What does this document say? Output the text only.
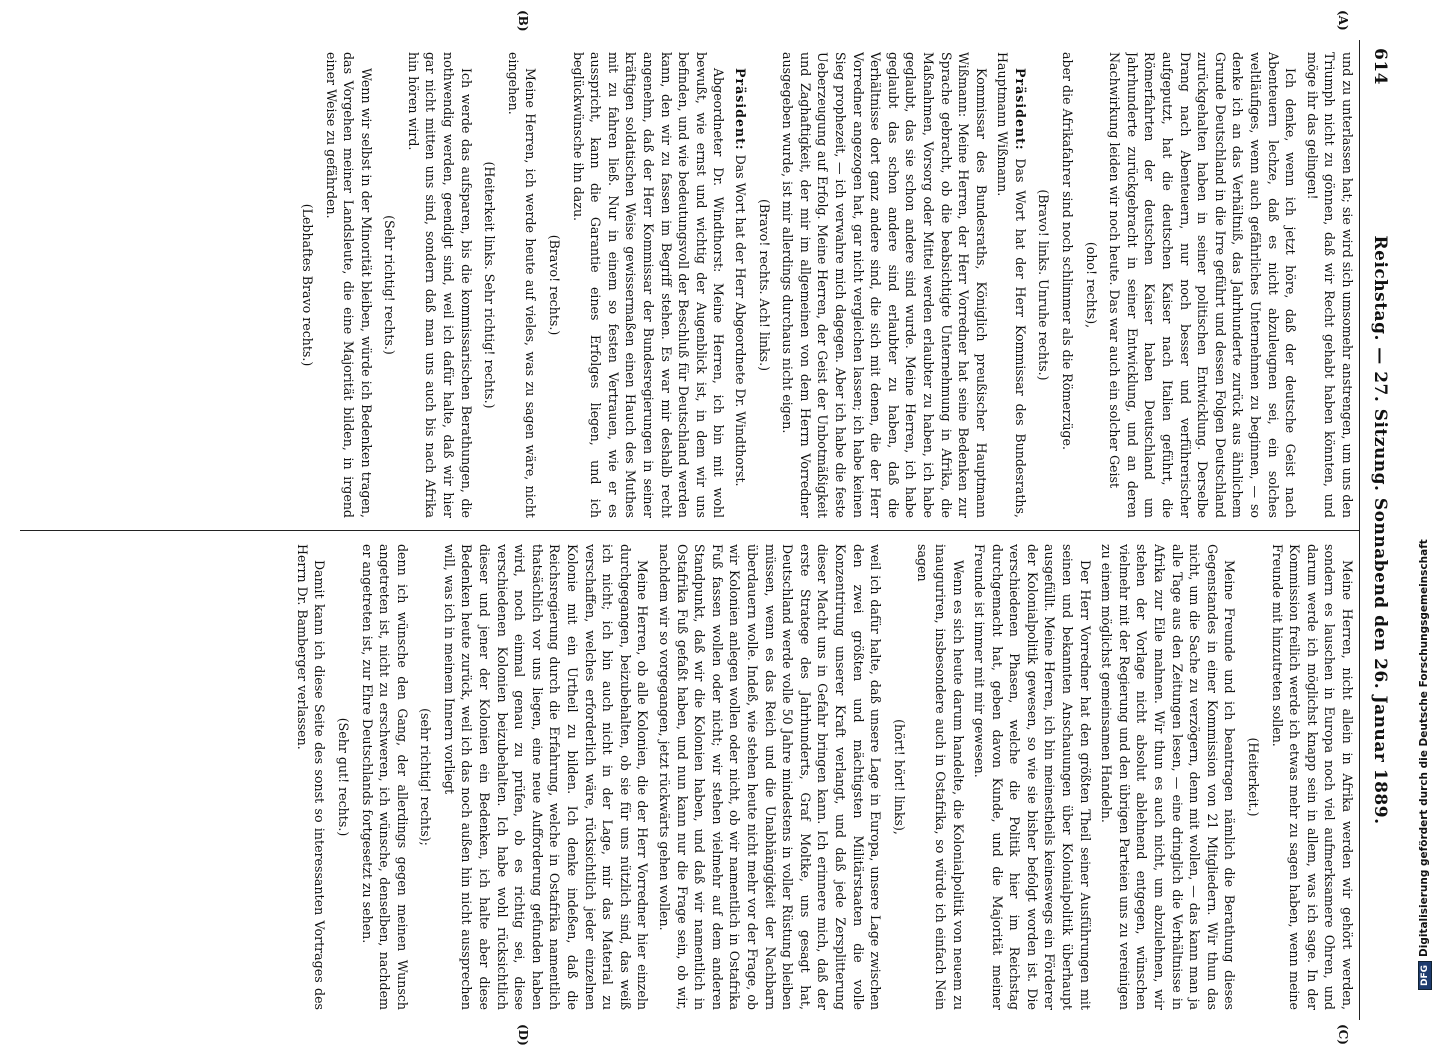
614
Reichstag. — 27. Sitzung. Sonnabend den 26. Januar 1889.
(A)
(B)
(C)
(D)

und zu unterlassen hat; sie wird sich umsomehr anstrengen, um uns den Triumph nicht zu gönnen, daß wir Recht gehabt haben könnten, und möge ihr das gelingen!

Ich denke, wenn ich jetzt höre, daß der deutsche Geist nach Abenteuern lechze, daß es nicht abzuleugnen sei, ein solches weltläufiges, wenn auch gefährliches Unternehmen zu beginnen, — so denke ich an das Verhältniß, das Jahrhunderte zurück aus ähnlichem Grunde Deutschland in die Irre geführt und dessen Folgen Deutschland zurückgehalten haben in seiner politischen Entwicklung. Derselbe Drang nach Abenteuern, nur noch besser und verführerischer aufgeputzt, hat die deutschen Kaiser nach Italien geführt, die Römerfahrten der deutschen Kaiser haben Deutschland um Jahrhunderte zurückgebracht in seiner Entwicklung, und an deren Nachwirkung leiden wir noch heute. Das war auch ein solcher Geist

(oho! rechts),

aber die Afrikafahrer sind noch schlimmer als die Römerzüge.

(Bravo! links. Unruhe rechts.)

Präsident: Das Wort hat der Herr Kommissar des Bundesraths, Hauptmann Wißmann.

Kommissar des Bundesraths, Königlich preußischer Hauptmann Wißmann: Meine Herren, der Herr Vorredner hat seine Bedenken zur Sprache gebracht, ob die beabsichtigte Unternehmung in Afrika, die Maßnahmen, Vorsorg oder Mittel werden erlaubter zu haben, ich habe geglaubt, das sie schon andere sind wurde. Meine Herren, ich habe geglaubt das schon andere sind erlaubter zu haben, daß die Verhältnisse dort ganz andere sind, die sich mit denen, die der Herr Vorredner angezogen hat, gar nicht vergleichen lassen; ich habe keinen Sieg prophezeit, — ich verwahre mich dagegen. Aber ich habe die feste Ueberzeugung auf Erfolg. Meine Herren, der Geist der Unbotmäßigkeit und Zaghaftigkeit, der mir im allgemeinen von dem Herrn Vorredner ausgegeben wurde, ist mir allerdings durchaus nicht eigen.

(Bravo! rechts. Ach! links.)

Präsident: Das Wort hat der Herr Abgeordnete Dr. Windthorst.

Abgeordneter Dr. Windthorst: Meine Herren, ich bin mit wohl bewußt, wie ernst und wichtig der Augenblick ist, in dem wir uns befinden, und wie bedeutungsvoll der Beschluß für Deutschland werden kann, den wir zu fassen im Begriff stehen. Es war mir deshalb recht angenehm, daß der Herr Kommissar der Bundesregierungen in seiner kräftigen soldatischen Weise gewissermaßen einen Hauch des Muthes mit zu fahren ließ. Nur in einem so festen Vertrauen, wie er es ausspricht, kann die Garantie eines Erfolges liegen, und ich beglückwünsche ihn dazu.

(Bravo! rechts.)

Meine Herren, ich werde heute auf vieles, was zu sagen wäre, nicht eingehen.

(Heiterkeit links. Sehr richtig! rechts.)

Ich werde das aufsparen, bis die kommissarischen Berathungen, die nothwendig werden, geendigt sind, weil ich dafür halte, daß wir hier gar nicht mitten uns sind, sondern daß man uns auch bis nach Afrika hin hören wird.

(Sehr richtig! rechts.)

Wenn wir selbst in der Minorität bleiben, würde ich Bedenken tragen, das Vorgehen meiner Landsleute, die eine Majorität bilden, in irgend einer Weise zu gefährden.

(Lebhaftes Bravo rechts.)

Meine Herren, nicht allein in Afrika werden wir gehört werden, sondern es lauschen in Europa noch viel aufmerksamere Ohren, und darum werde ich möglichst knapp sein in allem, was ich sage. In der Kommission freilich werde ich etwas mehr zu sagen haben, wenn meine Freunde mit hinzutreten sollen.

(Heiterkeit.)

Meine Freunde und ich beantragen nämlich die Berathung dieses Gegenstandes in einer Kommission von 21 Mitgliedern. Wir thun das nicht, um die Sache zu verzögern, denn mit wollen, — das kann man ja alle Tage aus den Zeitungen lesen, — eine dringlich die Verhältnisse in Afrika zur Eile mahnen. Wir thun es auch nicht, um abzulehnen, wir stehen der Vorlage nicht absolut ablehnend entgegen, wünschen vielmehr mit der Regierung und den übrigen Parteien uns zu vereinigen zu einem möglichst gemeinsamen Handeln.

Der Herr Vorredner hat den größten Theil seiner Ausführungen mit seinen und bekannten Anschauungen über Kolonialpolitik überhaupt ausgefüllt. Meine Herren, ich bin meinestheils keineswegs ein Förderer der Kolonialpolitik gewesen, so wie sie bisher befolgt worden ist. Die verschiedenen Phasen, welche die Politik hier im Reichstag durchgemacht hat, geben davon Kunde, und die Majorität meiner Freunde ist immer mit mir gewesen.

Wenn es sich heute darum handelte, die Kolonialpolitik von neuem zu inauguriren, insbesondere auch in Ostafrika, so würde ich einfach Nein sagen

(hört! hört! links),

weil ich dafür halte, daß unsere Lage in Europa, unsere Lage zwischen den zwei größten und mächtigsten Militärstaaten die volle Konzentrirung unserer Kraft verlangt, und daß jede Zersplitterung dieser Macht uns in Gefahr bringen kann. Ich erinnere mich, daß der erste Stratege des Jahrhunderts, Graf Moltke, uns gesagt hat, Deutschland werde volle 50 Jahre mindestens in voller Rüstung bleiben müssen, wenn es das Reich und die Unabhängigkeit der Nachbarn überdauern wolle. Indeß, wie stehen heute nicht mehr vor der Frage, ob wir Kolonien anlegen wollen oder nicht, ob wir namentlich in Ostafrika Fuß fassen wollen oder nicht; wir stehen vielmehr auf dem anderen Standpunkt, daß wir die Kolonien haben, und daß wir namentlich in Ostafrika Fuß gefaßt haben, und nun kann nur die Frage sein, ob wir, nachdem wir so vorgegangen, jetzt rückwärts gehen wollen.

Meine Herren, ob alle Kolonien, die der Herr Vorredner hier einzeln durchgegangen, beizubehalten, ob sie für uns nützlich sind, das weiß ich nicht; ich bin auch nicht in der Lage, mir das Material zu verschaffen, welches erforderlich wäre, rücksichtlich jeder einzelnen Kolonie mit ein Urtheil zu bilden. Ich denke indeßen, daß die Reichsregierung durch die Erfahrung, welche in Ostafrika namentlich thatsächlich vor uns liegen, eine neue Aufforderung gefunden haben wird, noch einmal genau zu prüfen, ob es richtig sei, diese verschiedenen Kolonien beizubehalten. Ich habe wohl rücksichtlich dieser und jener der Kolonien ein Bedenken, ich halte aber diese Bedenken heute zurück, weil ich das noch außen hin nicht aussprechen will, was ich in meinem Innern vorliegt

(sehr richtig! rechts);

denn ich wünsche den Gang, der allerdings gegen meinen Wunsch angetreten ist, nicht zu erschweren, ich wünsche, denselben, nachdem er angetreten ist, zur Ehre Deutschlands fortgesetzt zu sehen.

(Sehr gut! rechts.)

Damit kann ich diese Seite des sonst so interessanten Vortrages des Herrn Dr. Bamberger verlassen.

DFGDigitalisierung gefördert durch die Deutsche Forschungsgemeinschaft
